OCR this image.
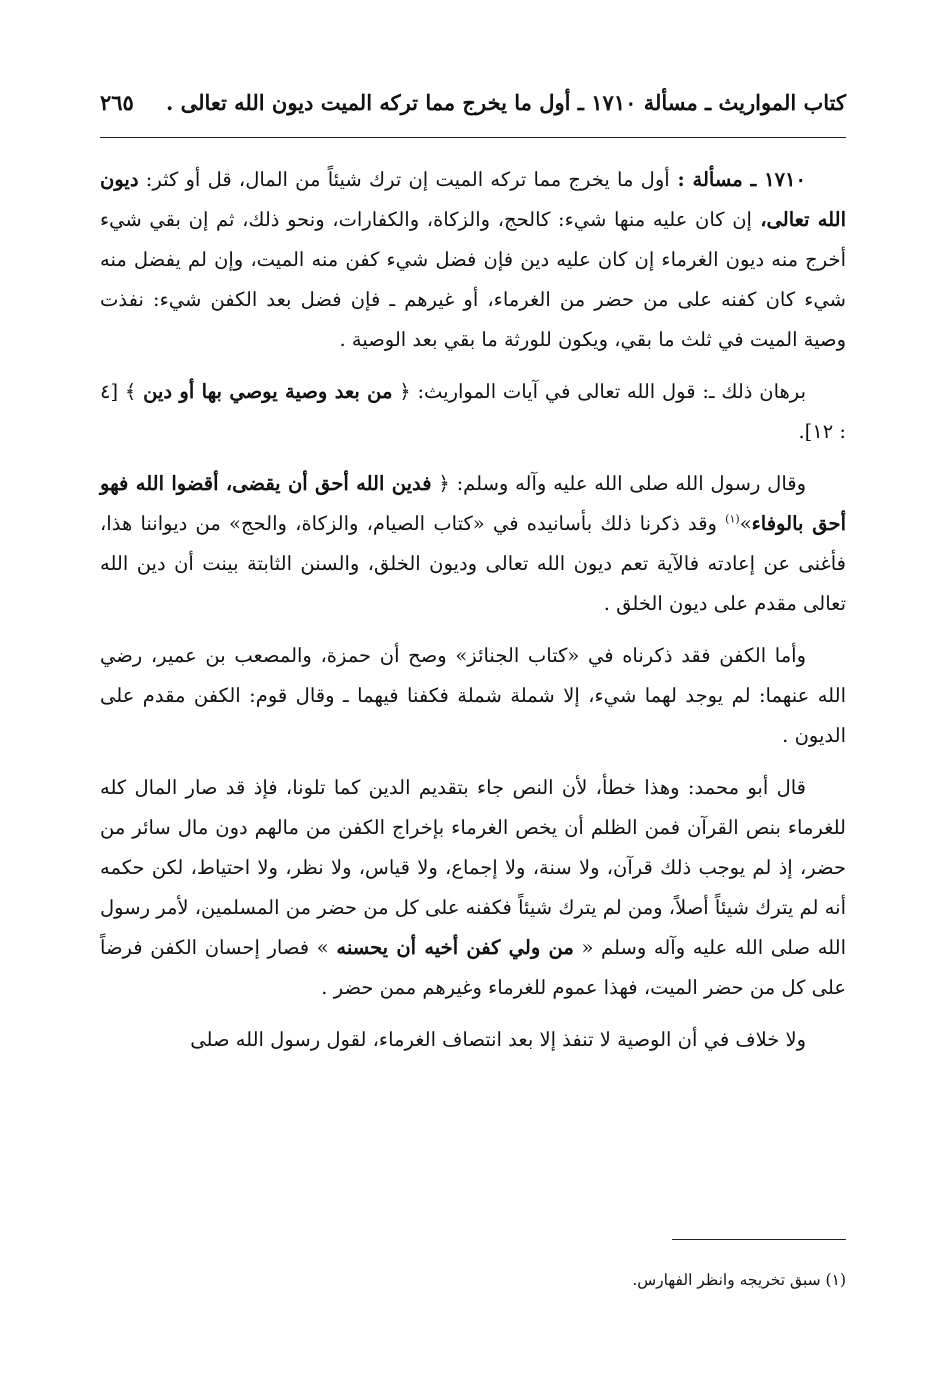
كتاب المواريث ـ مسألة ١٧١٠ ـ أول ما يخرج مما تركه الميت ديون الله تعالى .
٢٦٥

١٧١٠ ـ مسألة : أول ما يخرج مما تركه الميت إن ترك شيئاً من المال، قل أو كثر: ديون الله تعالى، إن كان عليه منها شيء: كالحج، والزكاة، والكفارات، ونحو ذلك، ثم إن بقي شيء أخرج منه ديون الغرماء إن كان عليه دين فإن فضل شيء كفن منه الميت، وإن لم يفضل منه شيء كان كفنه على من حضر من الغرماء، أو غيرهم ـ فإن فضل بعد الكفن شيء: نفذت وصية الميت في ثلث ما بقي، ويكون للورثة ما بقي بعد الوصية .

برهان ذلك ـ: قول الله تعالى في آيات المواريث: ﴿ من بعد وصية يوصي بها أو دين ﴾ [٤ : ١٢].

وقال رسول الله صلى الله عليه وآله وسلم: ﴿ فدين الله أحق أن يقضى، أقضوا الله فهو أحق بالوفاء»$^{(١)}$ وقد ذكرنا ذلك بأسانيده في «كتاب الصيام، والزكاة، والحج» من ديواننا هذا، فأغنى عن إعادته فالآية تعم ديون الله تعالى وديون الخلق، والسنن الثابتة بينت أن دين الله تعالى مقدم على ديون الخلق .

وأما الكفن فقد ذكرناه في «كتاب الجنائز» وصح أن حمزة، والمصعب بن عمير، رضي الله عنهما: لم يوجد لهما شيء، إلا شملة شملة فكفنا فيهما ـ وقال قوم: الكفن مقدم على الديون .

قال أبو محمد: وهذا خطأ، لأن النص جاء بتقديم الدين كما تلونا، فإذ قد صار المال كله للغرماء بنص القرآن فمن الظلم أن يخص الغرماء بإخراج الكفن من مالهم دون مال سائر من حضر، إذ لم يوجب ذلك قرآن، ولا سنة، ولا إجماع، ولا قياس، ولا نظر، ولا احتياط، لكن حكمه أنه لم يترك شيئاً أصلاً، ومن لم يترك شيئاً فكفنه على كل من حضر من المسلمين، لأمر رسول الله صلى الله عليه وآله وسلم « من ولي كفن أخيه أن يحسنه » فصار إحسان الكفن فرضاً على كل من حضر الميت، فهذا عموم للغرماء وغيرهم ممن حضر .

ولا خلاف في أن الوصية لا تنفذ إلا بعد انتصاف الغرماء، لقول رسول الله صلى

(١) سبق تخريجه وانظر الفهارس.
